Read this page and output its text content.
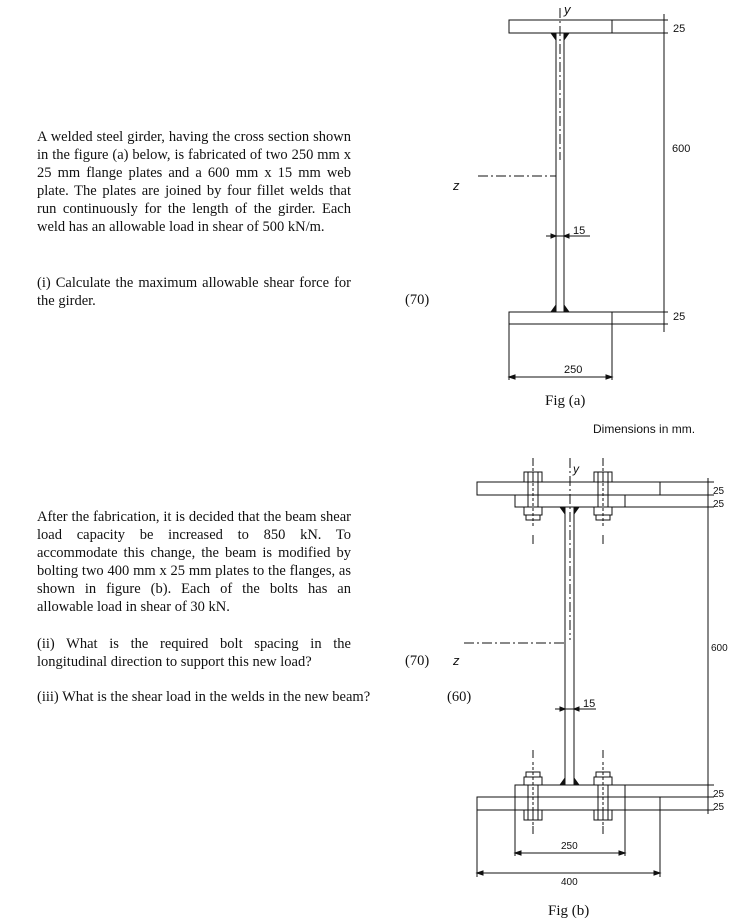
A welded steel girder, having the cross section shown in the figure (a) below, is fabricated of two 250 mm x 25 mm flange plates and a 600 mm x 15 mm web plate. The plates are joined by four fillet welds that run continuously for the length of the girder. Each weld has an allowable load in shear of 500 kN/m.
(i) Calculate the maximum allowable shear force for the girder.	(70)
After the fabrication, it is decided that the beam shear load capacity be increased to 850 kN. To accommodate this change, the beam is modified by bolting two 400 mm x 25 mm plates to the flanges, as shown in figure (b). Each of the bolts has an allowable load in shear of 30 kN.
(ii) What is the required bolt spacing in the longitudinal direction to support this new load?	(70)
(iii) What is the shear load in the welds in the new beam?	(60)
y
z
25
600
25
15
250
Fig (a)
Dimensions in mm.
y
z
25
25
600
25
25
15
250
400
Fig (b)
